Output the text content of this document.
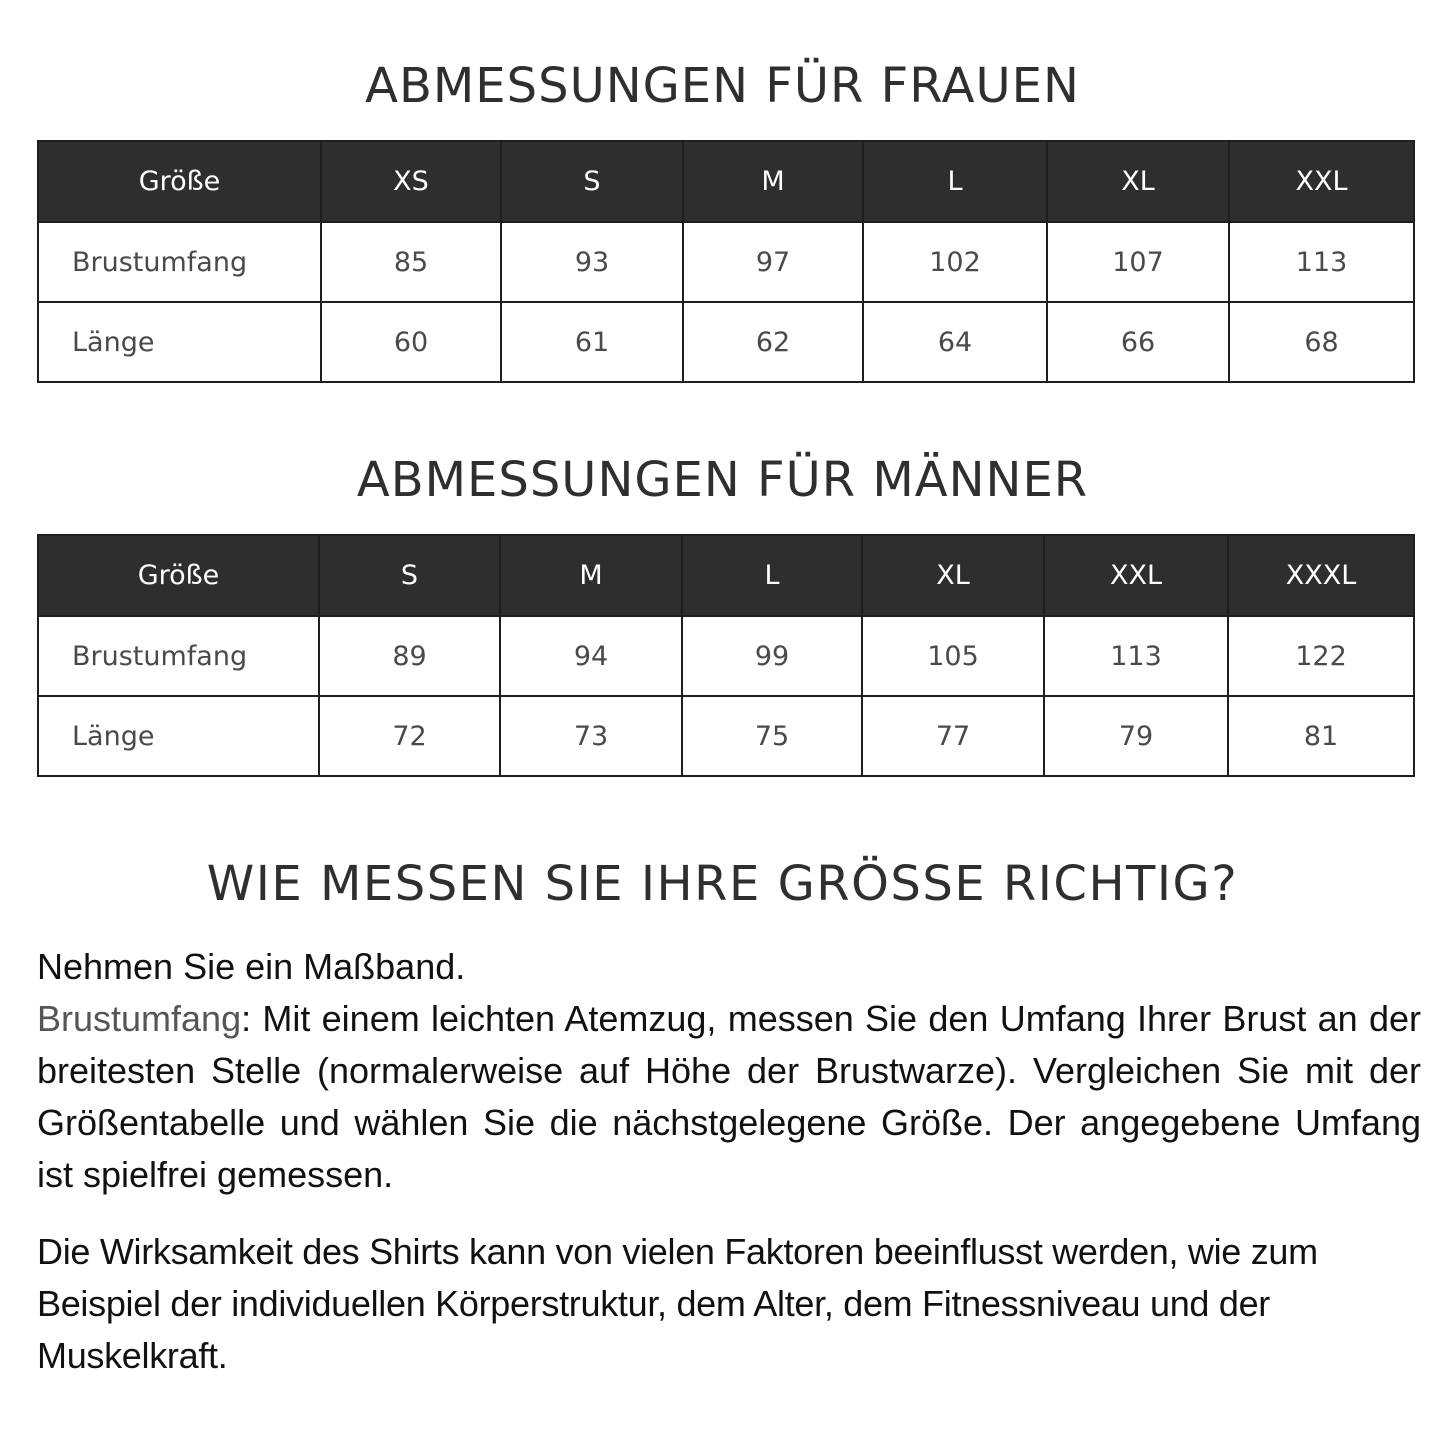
ABMESSUNGEN FÜR FRAUEN
Größe	XS	S	M	L	XL	XXL
Brustumfang	85	93	97	102	107	113
Länge	60	61	62	64	66	68
ABMESSUNGEN FÜR MÄNNER
Größe	S	M	L	XL	XXL	XXXL
Brustumfang	89	94	99	105	113	122
Länge	72	73	75	77	79	81
WIE MESSEN SIE IHRE GRÖSSE RICHTIG?

Nehmen Sie ein Maßband.
Brustumfang: Mit einem leichten Atemzug, messen Sie den Umfang Ihrer Brust an der breitesten Stelle (normalerweise auf Höhe der Brustwarze). Vergleichen Sie mit der Größentabelle und wählen Sie die nächstgelegene Größe. Der angegebene Umfang ist spielfrei gemessen.

Die Wirksamkeit des Shirts kann von vielen Faktoren beeinflusst werden, wie zum Beispiel der individuellen Körperstruktur, dem Alter, dem Fitnessniveau und der Muskelkraft.
